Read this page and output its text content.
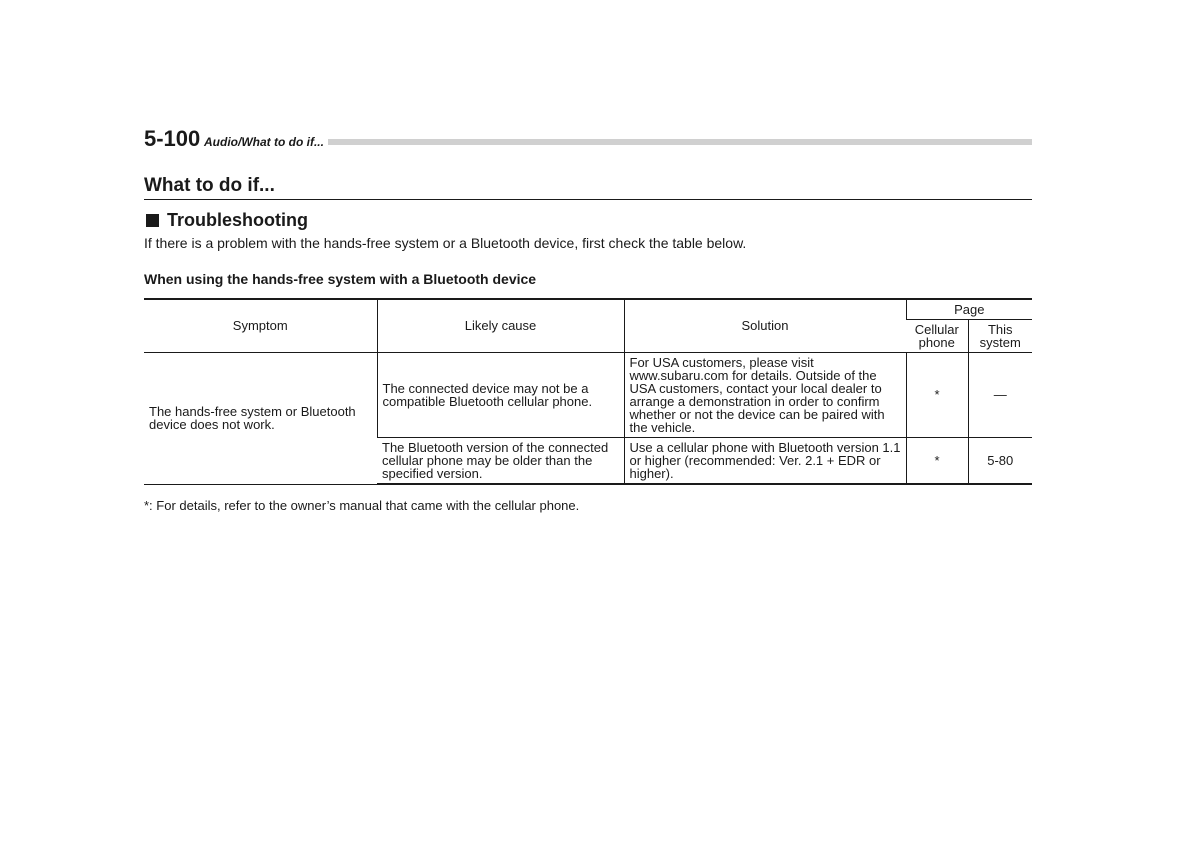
5-100 Audio/What to do if...
What to do if...
Troubleshooting
If there is a problem with the hands-free system or a Bluetooth device, first check the table below.
When using the hands-free system with a Bluetooth device
Symptom	Likely cause	Solution	Page	
			Cellular phone	This system
The hands-free system or Bluetooth device does not work.	The connected device may not be a compatible Bluetooth cellular phone.	For USA customers, please visit www.subaru.com for details. Outside of the USA customers, contact your local dealer to arrange a demonstration in order to confirm whether or not the device can be paired with the vehicle.	*	—
	The Bluetooth version of the connected cellular phone may be older than the specified version.	Use a cellular phone with Bluetooth version 1.1 or higher (recommended: Ver. 2.1 + EDR or higher).	*	5-80
*: For details, refer to the owner’s manual that came with the cellular phone.
